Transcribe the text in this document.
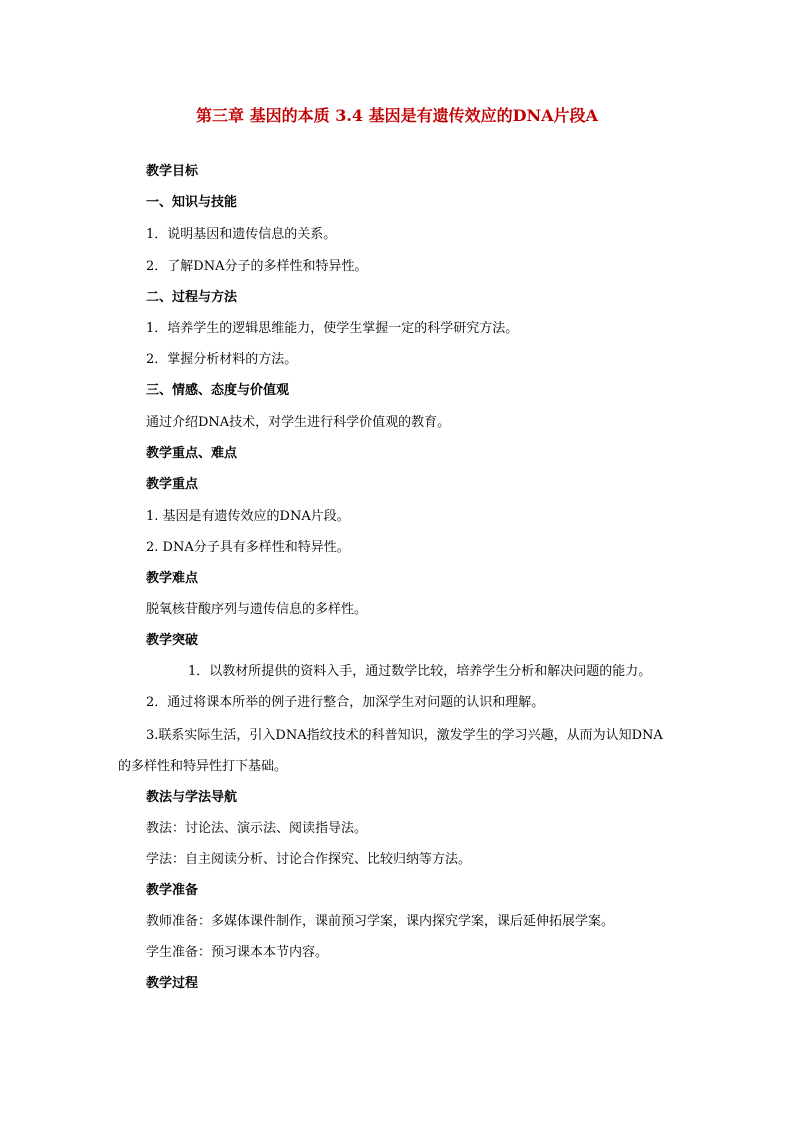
第三章 基因的本质 3.4 基因是有遗传效应的DNA片段A
教学目标
一、知识与技能
1．说明基因和遗传信息的关系。
2．了解DNA分子的多样性和特异性。
二、过程与方法
1．培养学生的逻辑思维能力，使学生掌握一定的科学研究方法。
2．掌握分析材料的方法。
三、情感、态度与价值观
通过介绍DNA技术，对学生进行科学价值观的教育。
教学重点、难点
教学重点
1. 基因是有遗传效应的DNA片段。
2. DNA分子具有多样性和特异性。
教学难点
脱氧核苷酸序列与遗传信息的多样性。
教学突破
1．以教材所提供的资料入手，通过数学比较，培养学生分析和解决问题的能力。
2．通过将课本所举的例子进行整合，加深学生对问题的认识和理解。
3.联系实际生活，引入DNA指纹技术的科普知识，激发学生的学习兴趣，从而为认知DNA
的多样性和特异性打下基础。
教法与学法导航
教法：讨论法、演示法、阅读指导法。
学法：自主阅读分析、讨论合作探究、比较归纳等方法。
教学准备
教师准备：多媒体课件制作，课前预习学案，课内探究学案，课后延伸拓展学案。
学生准备：预习课本本节内容。
教学过程
